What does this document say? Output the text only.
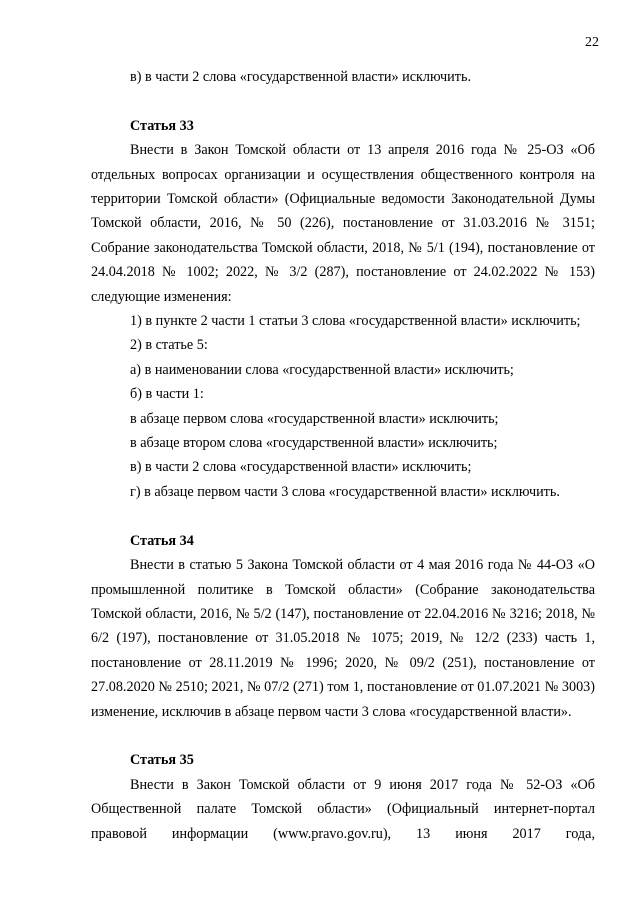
22

в) в части 2 слова «государственной власти» исключить.

Статья 33

Внести в Закон Томской области от 13 апреля 2016 года № 25-ОЗ «Об отдельных вопросах организации и осуществления общественного контроля на территории Томской области» (Официальные ведомости Законодательной Думы Томской области, 2016, № 50 (226), постановление от 31.03.2016 № 3151; Собрание законодательства Томской области, 2018, № 5/1 (194), постановление от 24.04.2018 № 1002; 2022, № 3/2 (287), постановление от 24.02.2022 № 153) следующие изменения:

1) в пункте 2 части 1 статьи 3 слова «государственной власти» исключить;

2) в статье 5:

а) в наименовании слова «государственной власти» исключить;

б) в части 1:

в абзаце первом слова «государственной власти» исключить;

в абзаце втором слова «государственной власти» исключить;

в) в части 2 слова «государственной власти» исключить;

г) в абзаце первом части 3 слова «государственной власти» исключить.

Статья 34

Внести в статью 5 Закона Томской области от 4 мая 2016 года № 44-ОЗ «О промышленной политике в Томской области» (Собрание законодательства Томской области, 2016, № 5/2 (147), постановление от 22.04.2016 № 3216; 2018, № 6/2 (197), постановление от 31.05.2018 № 1075; 2019, № 12/2 (233) часть 1, постановление от 28.11.2019 № 1996; 2020, № 09/2 (251), постановление от 27.08.2020 № 2510; 2021, № 07/2 (271) том 1, постановление от 01.07.2021 № 3003) изменение, исключив в абзаце первом части 3 слова «государственной власти».

Статья 35

Внести в Закон Томской области от 9 июня 2017 года № 52-ОЗ «Об Общественной палате Томской области» (Официальный интернет-портал правовой информации (www.pravo.gov.ru), 13 июня 2017 года,
